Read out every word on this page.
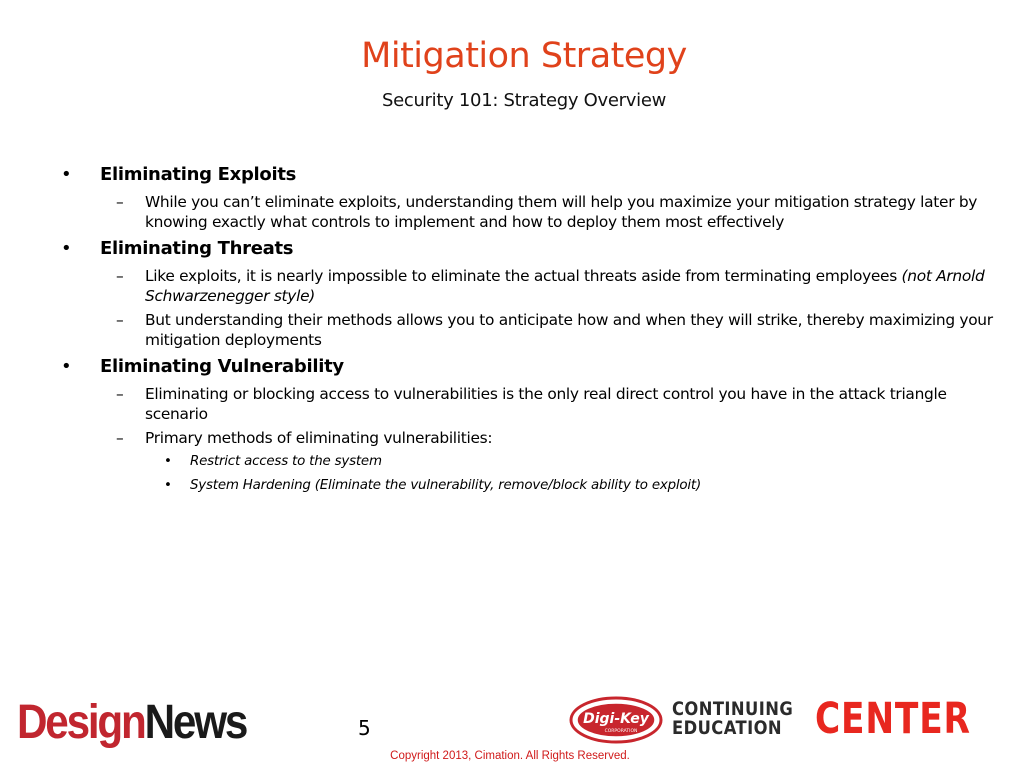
Mitigation Strategy
Security 101: Strategy Overview
• Eliminating Exploits
– While you can’t eliminate exploits, understanding them will help you maximize your mitigation strategy later by knowing exactly what controls to implement and how to deploy them most effectively
• Eliminating Threats
– Like exploits, it is nearly impossible to eliminate the actual threats aside from terminating employees (not Arnold Schwarzenegger style)
– But understanding their methods allows you to anticipate how and when they will strike, thereby maximizing your mitigation deployments
• Eliminating Vulnerability
– Eliminating or blocking access to vulnerabilities is the only real direct control you have in the attack triangle scenario
– Primary methods of eliminating vulnerabilities:
• Restrict access to the system
• System Hardening (Eliminate the vulnerability, remove/block ability to exploit)
DesignNews	5	Digi-Key
CORPORATION
CONTINUING
EDUCATION CENTER
Copyright 2013, Cimation. All Rights Reserved.
